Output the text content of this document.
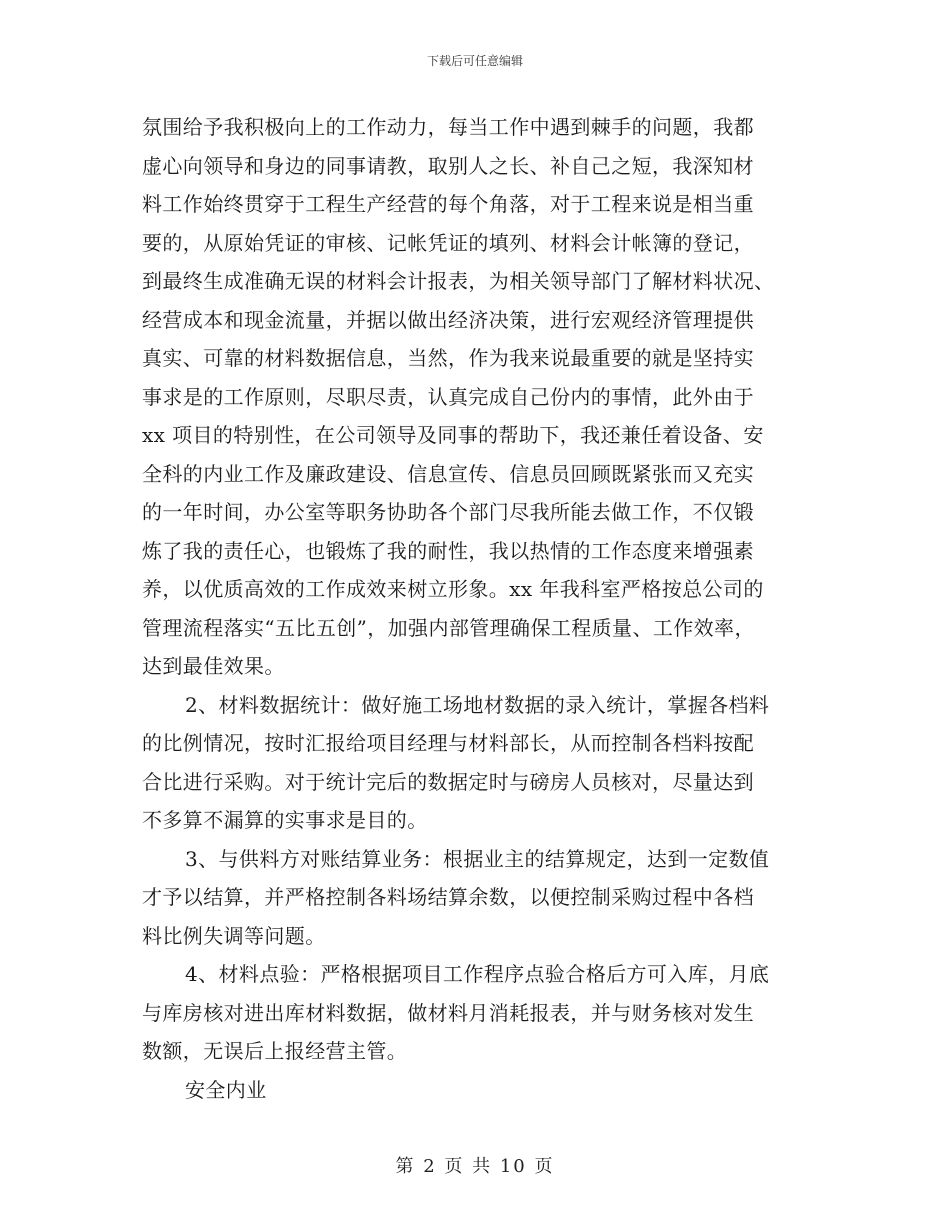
下载后可任意编辑
氛围给予我积极向上的工作动力，每当工作中遇到棘手的问题，我都
虚心向领导和身边的同事请教，取别人之长、补自己之短，我深知材
料工作始终贯穿于工程生产经营的每个角落，对于工程来说是相当重
要的，从原始凭证的审核、记帐凭证的填列、材料会计帐簿的登记，
到最终生成准确无误的材料会计报表，为相关领导部门了解材料状况、
经营成本和现金流量，并据以做出经济决策，进行宏观经济管理提供
真实、可靠的材料数据信息，当然，作为我来说最重要的就是坚持实
事求是的工作原则，尽职尽责，认真完成自己份内的事情，此外由于
xx 项目的特别性，在公司领导及同事的帮助下，我还兼任着设备、安
全科的内业工作及廉政建设、信息宣传、信息员回顾既紧张而又充实
的一年时间，办公室等职务协助各个部门尽我所能去做工作，不仅锻
炼了我的责任心，也锻炼了我的耐性，我以热情的工作态度来增强素
养，以优质高效的工作成效来树立形象。xx 年我科室严格按总公司的
管理流程落实“五比五创”，加强内部管理确保工程质量、工作效率，
达到最佳效果。
2、材料数据统计：做好施工场地材数据的录入统计，掌握各档料
的比例情况，按时汇报给项目经理与材料部长，从而控制各档料按配
合比进行采购。对于统计完后的数据定时与磅房人员核对，尽量达到
不多算不漏算的实事求是目的。
3、与供料方对账结算业务：根据业主的结算规定，达到一定数值
才予以结算，并严格控制各料场结算余数，以便控制采购过程中各档
料比例失调等问题。
4、材料点验：严格根据项目工作程序点验合格后方可入库，月底
与库房核对进出库材料数据，做材料月消耗报表，并与财务核对发生
数额，无误后上报经营主管。
安全内业
第 2 页 共 10 页
